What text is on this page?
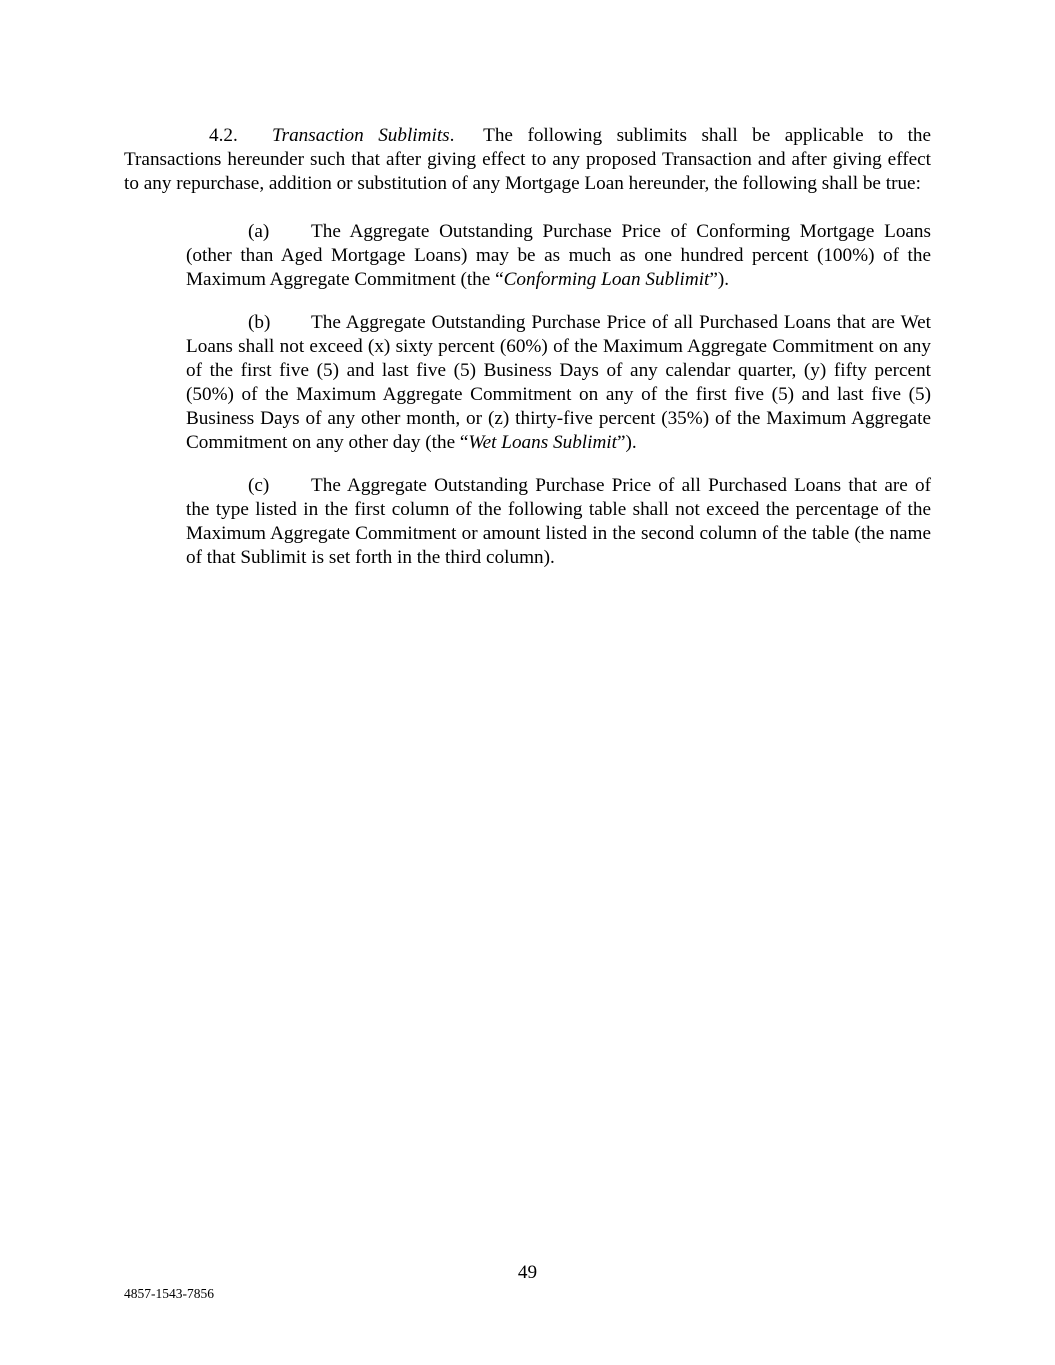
4.2. Transaction Sublimits. The following sublimits shall be applicable to the Transactions hereunder such that after giving effect to any proposed Transaction and after giving effect to any repurchase, addition or substitution of any Mortgage Loan hereunder, the following shall be true:

(a) The Aggregate Outstanding Purchase Price of Conforming Mortgage Loans (other than Aged Mortgage Loans) may be as much as one hundred percent (100%) of the Maximum Aggregate Commitment (the “Conforming Loan Sublimit”).

(b) The Aggregate Outstanding Purchase Price of all Purchased Loans that are Wet Loans shall not exceed (x) sixty percent (60%) of the Maximum Aggregate Commitment on any of the first five (5) and last five (5) Business Days of any calendar quarter, (y) fifty percent (50%) of the Maximum Aggregate Commitment on any of the first five (5) and last five (5) Business Days of any other month, or (z) thirty-five percent (35%) of the Maximum Aggregate Commitment on any other day (the “Wet Loans Sublimit”).

(c) The Aggregate Outstanding Purchase Price of all Purchased Loans that are of the type listed in the first column of the following table shall not exceed the percentage of the Maximum Aggregate Commitment or amount listed in the second column of the table (the name of that Sublimit is set forth in the third column).

49
4857-1543-7856
